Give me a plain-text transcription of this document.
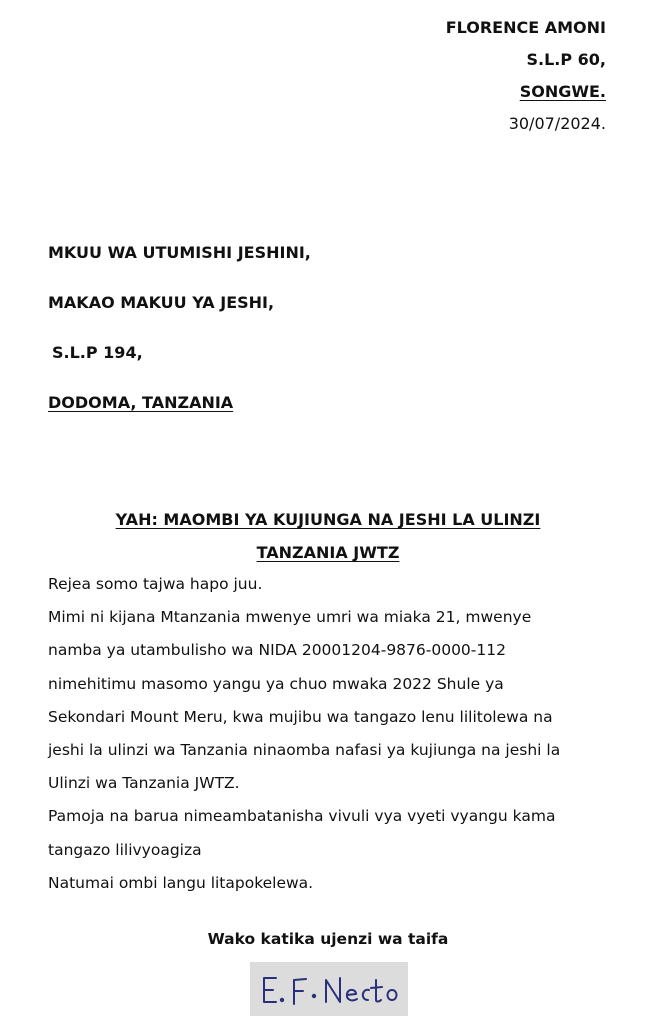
FLORENCE AMONI
S.L.P 60,
SONGWE.
30/07/2024.
MKUU WA UTUMISHI JESHINI,
MAKAO MAKUU YA JESHI,
S.L.P 194,
DODOMA, TANZANIA
YAH: MAOMBI YA KUJIUNGA NA JESHI LA ULINZI
TANZANIA JWTZ
Rejea somo tajwa hapo juu.
Mimi ni kijana Mtanzania mwenye umri wa miaka 21, mwenye
namba ya utambulisho wa NIDA 20001204-9876-0000-112
nimehitimu masomo yangu ya chuo mwaka 2022 Shule ya
Sekondari Mount Meru, kwa mujibu wa tangazo lenu lilitolewa na
jeshi la ulinzi wa Tanzania ninaomba nafasi ya kujiunga na jeshi la
Ulinzi wa Tanzania JWTZ.
Pamoja na barua nimeambatanisha vivuli vya vyeti vyangu kama
tangazo lilivyoagiza
Natumai ombi langu litapokelewa.
Wako katika ujenzi wa taifa
